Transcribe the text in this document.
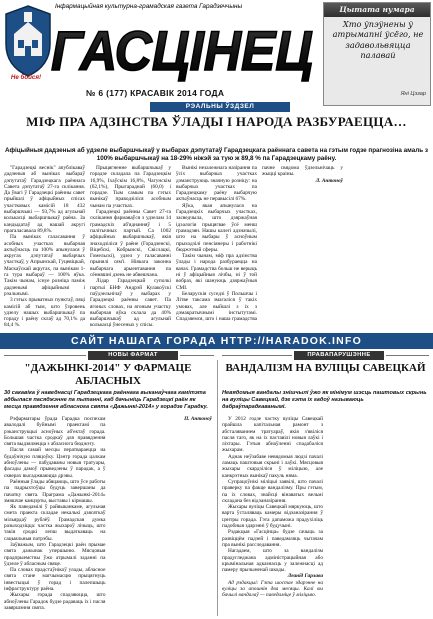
Не бойся!
Інфармацыйная культурна-грамадская газета Гарадзеччыны
ГАСЦІНЕЦ
№ 6 (177) КРАСАВІК 2014 ГОДА
РЭАЛЬНЫ ЎЗДЗЕЛ
Цытата нумара
Хто ўпэўнены ў атрымanні ўсёго, не задавольвяцца палавай
Яні Цэзар
МІФ ПРА АДЗІНСТВА ЎЛАДЫ І НАРОДА РАЗБУРАЕЦЦА…
Афіцыйныя дадзеныя аб удзеле выбаршчыкаў у выбарах дэпутатаў Гарадзецкага раённага савета на гэтым годзе прагнозіна амаль з 100% выбаршчыкаў на 18-29% ніжэй за тую ж 89,8 % па Гарадзецкаму раёну.

"Гарадзецкі веснік" апублікаваў дадзеныя аб выніках выбараў дэпутатаў Гарадзецкага раённага Савета дэпутатаў 27-га склікання. Да ўвагі ў Гарадзецкі раённы савет прыйшлі ў афіцыйных спісах участковых камісій 18 432 выбаршчыкі — 93,7% ад агульнай колькасці выбаршчыкаў раёна. За кандыдатаў ад нашай акругі прагаласавала 89,8%.

Па выніках галасавання ў асобных участках выбарчая актыўнасць па 100% апынулася ў акругах дэпутатаў выбарчых участкаў, у Апрынскай, Гуцевіцкай, Маскаўскай акругах, па вынікам 1-га тура выбараў — 100% яўка. Такім чынам, існуе розніца паміж дадзенымі афіцыйнымі і рэальнымі.

3 гэтых прыватных пунктаў, пяці камісій аб тым, што ўзровень удзелу нашых выбаршчыкаў па гораду і раёну склаў ад 70,1% да 84,4 %.

Прыцягненне выбаршчыкаў у горадзе складала па Гарадзецкім 16,9%, Іхаўскім 16,8%, Чагунскім (62,1%), Прыгараднай (60,0) і горадзе. Тым самым па гэтых вынікаў праводзіліся асобным чынам па участках.

Гарадзецкі раённы Савет 27-га склікання фармаваўся з удзелам 14 грамадскіх аб'яднанняў і 5 палітычных партый. Са 1002 афіцыйных выбаршчыкаў, якія знаходзіліся ў раёне (Горадзенскі, Віцебскі, Кобрынскі, Свіслацкі, Гомельскі), удзел у галасаванні прынялі сям'і. Ніякага законна выбарчага арыентавання па сённяшні дзень не абвешчана.

Лідар Гарадзецкай суполкі партыі БНФ Андрэй Кулакоўскі паўдзельнічаў у выбарах у Гарадзецкі раённы савет. Па ягоных словах, на ягоным участку выбарчая яўка склала да 40% выбаршчыкаў ад агульнай колькасці ўнесеных у спісы.

Вынікі незалежнага назірання па ўсіх выбарчых участках дэманструюць значную розніцу: на выбарчых участках па Гарадзецкаму раёну выбарчую актыўнасць не перавысілі 67%.

Яўка, якая апынулася на Гарадзецкіх выбарчых участках, засведчыла, што дзяржаўная ідэалогія прыцягвае ўсё менш грамадзян. Нашы калегі адзначылі, што на выбары ў асноўным прыходзілі пенсіянеры і работнікі бюджэтнай сферы.

Такім чынам, міф пра адзінства ўлады і народа разбураецца на вачах. Грамадства больш не верыць ні ў афіцыйныя лічбы, ні ў той вобраз, які шануюць дзяржаўныя СМІ.

Беларускія суседзі ў Польшчы і Літве таксама змагаліся ў такіх умовах, але выйшлі з іх з дэмакратычнымі інстытутамі. Спадзяемся, што і наша грамадства пачне свядома ўдзельнічаць у жыцці краіны.

Л. Антоноў

САЙТ НАШАГА ГОРАДА HTTP://HARADOK.INFO
НОВЫ ФАРМАТ	ПРАВАПАРУШЭННЕ
"ДАЖЫНКІ-2014" У ФАРМАЦЕ АБЛАСНЫХ
30 сакавіка ў наведнасці Гарадзецкага раённага выканаўчага камітэта адбылася пасяджэнне па пытанні, каб дачыніць Гарадзецкі раён як месца правядзення абласнога свята «Дажынкі-2014» у горадзе Гарадку.

Рэфарматары ўрада Гарадка поспехам авалодалі буйнымі праектамі па рэканструкцыі асноўных аб'ектаў горада. Большая частка сродкаў для правядзення свята выдзяляецца з абласнога бюджэту.

Пасля самай месцы ператвараецца на будаўнічую пляцоўку. Цэнтр горада цалкам абноўлены — пабудаваны новыя тратуары, фасады дамоў прыведзены ў парадак, а ў скверах высаджваюцца дрэвы.

Раённыя ўлады абяцаюць, што ўсе работы па падрыхтоўцы будуць завершаны да пачатку свята. Праграма «Дажынкі-2014» змяшчае канцэрты, выставы і кірмашы.

Як паведамілі ў райвыканкаме, агульная смета праекта складае некалькі дзясяткаў мільярдаў рублёў. Грамадская думка разыходзіцца: частка жыхароў лічыць, што такія сродкі лепш выдаткаваць на сацыяльныя патрэбы.

Заўважым, што Гарадзецкі раён прымае свята дажынак упершыню. Мясцовыя прадпрыемствы ўжо атрымалі заданні па ўдзеле ў абласным свяце.

Па словах прадстаўнікоў улады, абласное свята стане магчымасцю прыцягнуць інвестыцыі ў горад і палепшыць інфраструктуру раёна.

Жыхары горада спадзяюцца, што абноўлены Гарадок будзе радаваць іх і пасля завяршэння свята.

П. Антоноў

ВАНДАЛІЗМ НА ВУЛІЦЫ САВЕЦКАЙ
Невядомыя вандалы знішчылі ўжо як мінімум шэсць паштовых скрынь на вуліцы Савецкай, дзе гэта іх гадоў называюць дабраўпарадкаванымі.

У 2012 годзе частку вуліцы Савецкай прайшла капітальная рамонт з абсталяваннем тратуараў, якія з'явіліся пасля таго, як на іх паставілі новыя лаўкі і ліхтары. Гэтыя абнаўленні спадабаліся жыхарам.

Аднак неўзабаве невядомыя людзі пачалі ламаць паштовыя скрыні і лаўкі. Мясцовыя жыхары скардзіліся ў міліцыю, але канкрэтных вынікаў пакуль няма.

Супрацоўнікі міліцыі заявілі, што пачалі праверку па факце вандалізму. Пры гэтым, па іх словах, знайсці вінаватых вельмі складана без відэаназірання.

Жыхары вуліцы Савецкай мяркуюць, што варта ўсталяваць камеры відэаназірання ў цэнтры горада. Гэта дапаможа прадухіліць падобныя здарэнні ў будучыні.

Рэдакцыя «Гасцінца» будзе сачыць за развіццём падзей і паведамляць чытачам пра вынікі расследавання.

Нагадаем, што за вандалізм прадугледжана адміністрацыйная або крымінальная адказнасць у залежнасці ад памеру прычыненай шкоды.

Леанід Гарлава

Ад рэдакцыі: Гэта шостае здарэнне на вуліцы за апошнія два месяцы. Калі вы бачылі вандалаў — паведаміце ў міліцыю.
